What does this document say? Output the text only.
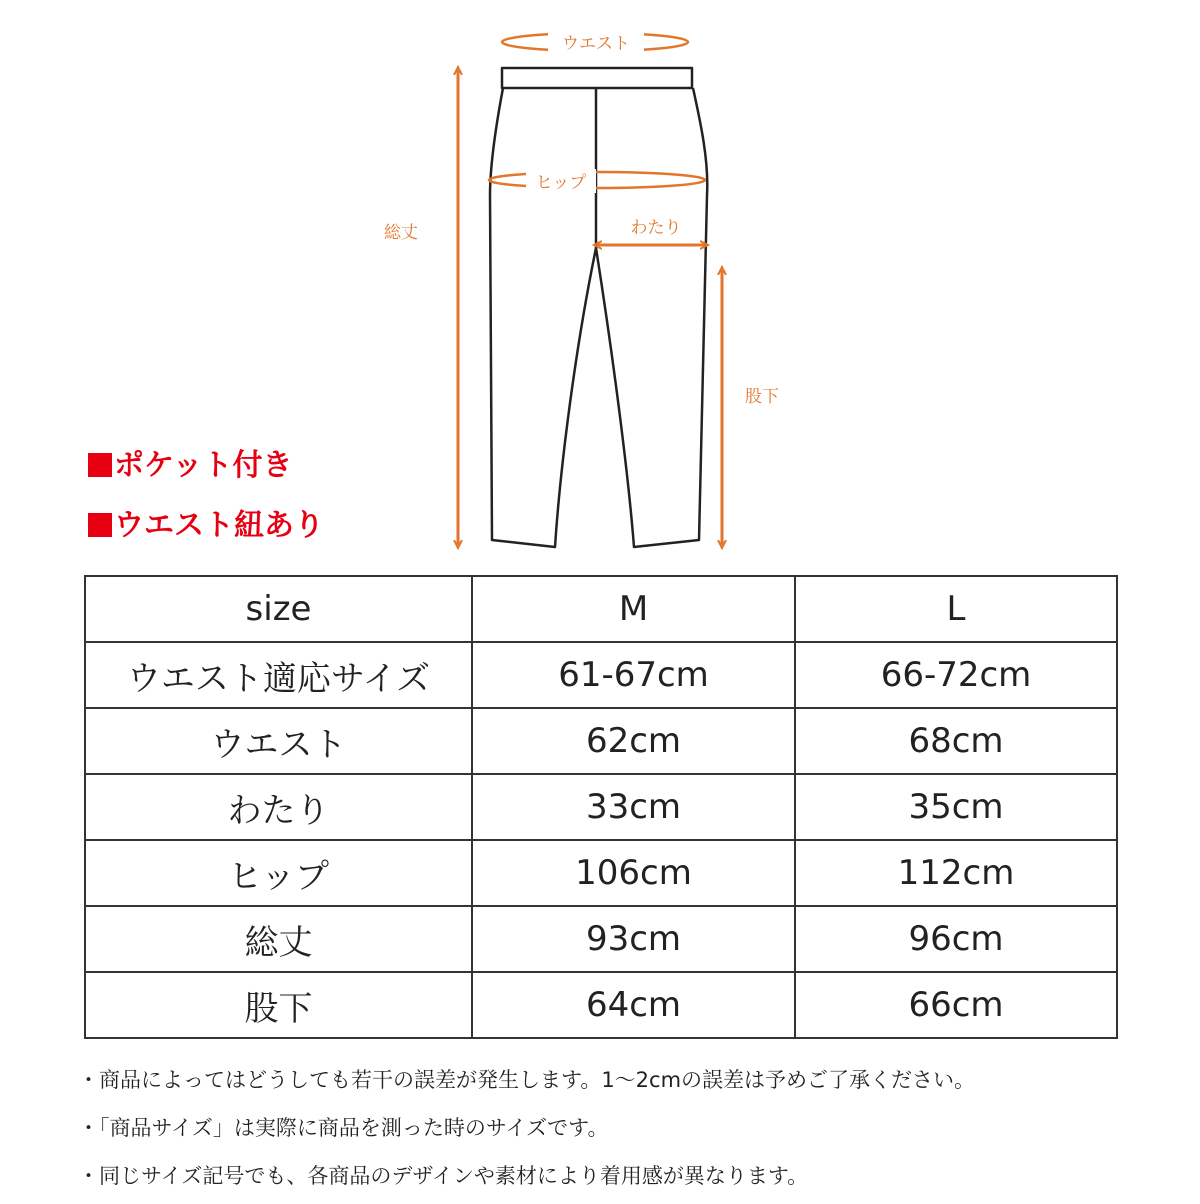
ウエスト
ヒップ
わたり
総丈
股下
ポケット付き
ウエスト紐あり
size	M	L
ウエスト適応サイズ	61-67cm	66-72cm
ウエスト	62cm	68cm
わたり	33cm	35cm
ヒップ	106cm	112cm
総丈	93cm	96cm
股下	64cm	66cm
・商品によってはどうしても若干の誤差が発生します。1〜2cmの誤差は予めご了承ください。
・「商品サイズ」は実際に商品を測った時のサイズです。
・同じサイズ記号でも、各商品のデザインや素材により着用感が異なります。
